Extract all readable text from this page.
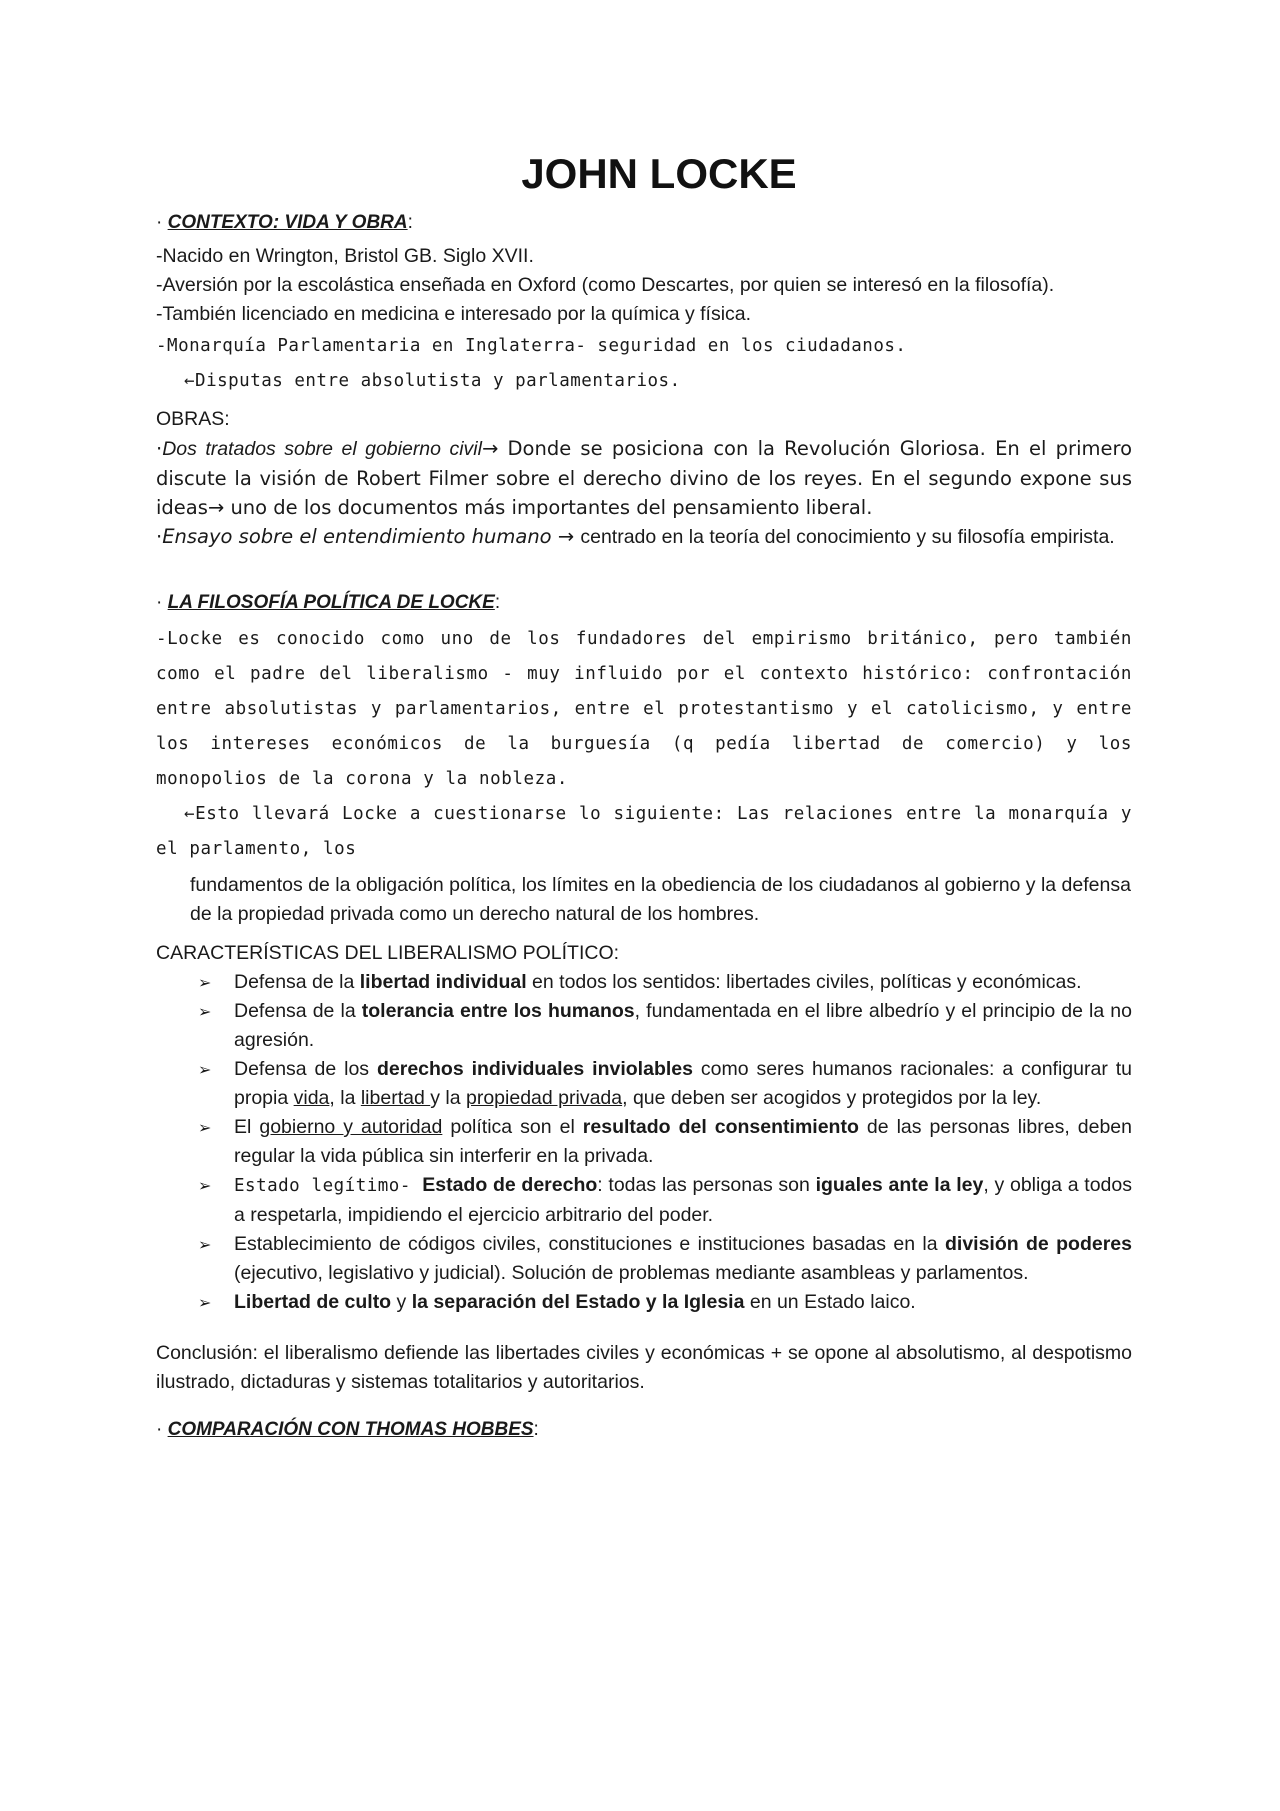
JOHN LOCKE

· CONTEXTO: VIDA Y OBRA:

-Nacido en Wrington, Bristol GB. Siglo XVII.

-Aversión por la escolástica enseñada en Oxford (como Descartes, por quien se interesó en la filosofía).

-También licenciado en medicina e interesado por la química y física.

-Monarquía Parlamentaria en Inglaterra- seguridad en los ciudadanos.

←Disputas entre absolutista y parlamentarios.

OBRAS:

·Dos tratados sobre el gobierno civil→ Donde se posiciona con la Revolución Gloriosa. En el primero discute la visión de Robert Filmer sobre el derecho divino de los reyes. En el segundo expone sus ideas→ uno de los documentos más importantes del pensamiento liberal.

·Ensayo sobre el entendimiento humano → centrado en la teoría del conocimiento y su filosofía empirista.

· LA FILOSOFÍA POLÍTICA DE LOCKE:

-Locke es conocido como uno de los fundadores del empirismo británico, pero también como el padre del liberalismo - muy influido por el contexto histórico: confrontación entre absolutistas y parlamentarios, entre el protestantismo y el catolicismo, y entre los intereses económicos de la burguesía (q pedía libertad de comercio) y los monopolios de la corona y la nobleza.

←Esto llevará Locke a cuestionarse lo siguiente: Las relaciones entre la monarquía y el parlamento, los

fundamentos de la obligación política, los límites en la obediencia de los ciudadanos al gobierno y la defensa de la propiedad privada como un derecho natural de los hombres.

CARACTERÍSTICAS DEL LIBERALISMO POLÍTICO:

➢ Defensa de la libertad individual en todos los sentidos: libertades civiles, políticas y económicas.
➢ Defensa de la tolerancia entre los humanos, fundamentada en el libre albedrío y el principio de la no agresión.
➢ Defensa de los derechos individuales inviolables como seres humanos racionales: a configurar tu propia vida, la libertad y la propiedad privada, que deben ser acogidos y protegidos por la ley.
➢ El gobierno y autoridad política son el resultado del consentimiento de las personas libres, deben regular la vida pública sin interferir en la privada.
➢ Estado legítimo- Estado de derecho: todas las personas son iguales ante la ley, y obliga a todos a respetarla, impidiendo el ejercicio arbitrario del poder.
➢ Establecimiento de códigos civiles, constituciones e instituciones basadas en la división de poderes (ejecutivo, legislativo y judicial). Solución de problemas mediante asambleas y parlamentos.
➢ Libertad de culto y la separación del Estado y la Iglesia en un Estado laico.

Conclusión: el liberalismo defiende las libertades civiles y económicas + se opone al absolutismo, al despotismo ilustrado, dictaduras y sistemas totalitarios y autoritarios.

· COMPARACIÓN CON THOMAS HOBBES:
